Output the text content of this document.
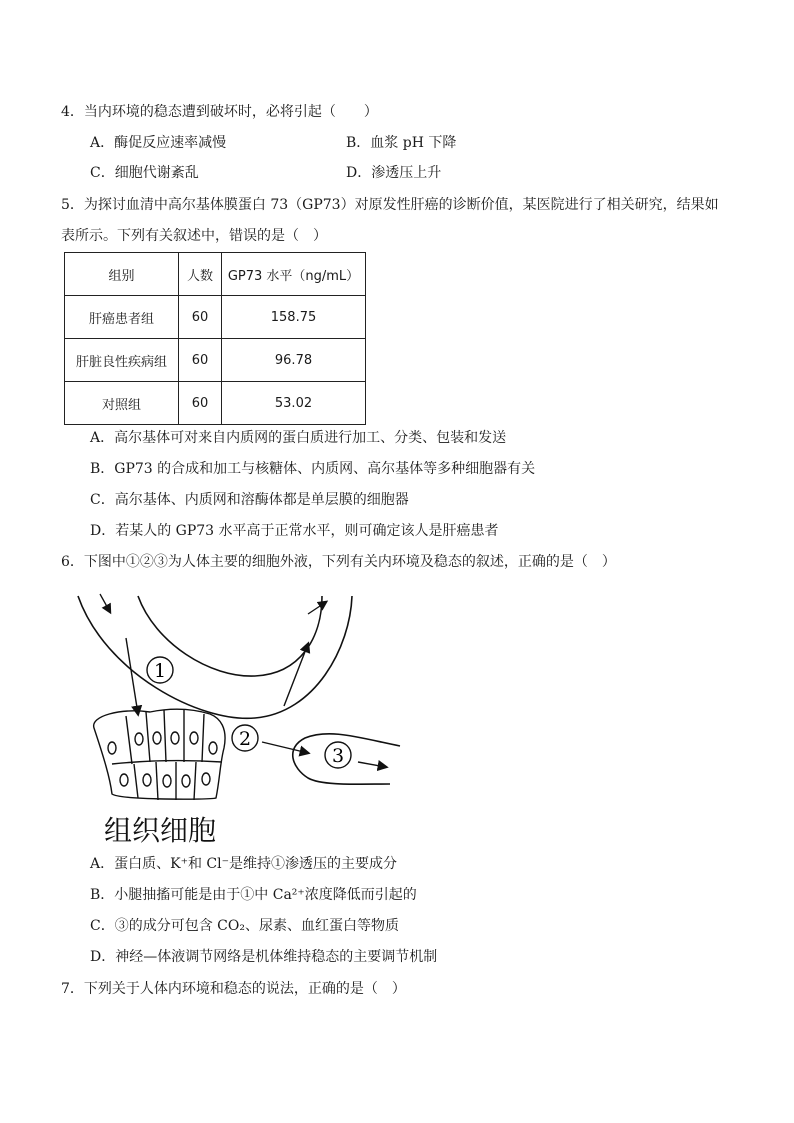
4．当内环境的稳态遭到破坏时，必将引起（　　）
A．酶促反应速率减慢	B．血浆 pH 下降
C．细胞代谢紊乱	D．渗透压上升
5．为探讨血清中高尔基体膜蛋白 73（GP73）对原发性肝癌的诊断价值，某医院进行了相关研究，结果如
表所示。下列有关叙述中，错误的是（　）
组别	人数	GP73 水平（ng/mL）
肝癌患者组	60	158.75
肝脏良性疾病组	60	96.78
对照组	60	53.02
A．高尔基体可对来自内质网的蛋白质进行加工、分类、包装和发送
B．GP73 的合成和加工与核糖体、内质网、高尔基体等多种细胞器有关
C．高尔基体、内质网和溶酶体都是单层膜的细胞器
D．若某人的 GP73 水平高于正常水平，则可确定该人是肝癌患者
6．下图中①②③为人体主要的细胞外液，下列有关内环境及稳态的叙述，正确的是（　）
1
2
3
组织细胞
A．蛋白质、K⁺和 Cl⁻是维持①渗透压的主要成分
B．小腿抽搐可能是由于①中 Ca²⁺浓度降低而引起的
C．③的成分可包含 CO₂、尿素、血红蛋白等物质
D．神经—体液调节网络是机体维持稳态的主要调节机制
7．下列关于人体内环境和稳态的说法，正确的是（　）
